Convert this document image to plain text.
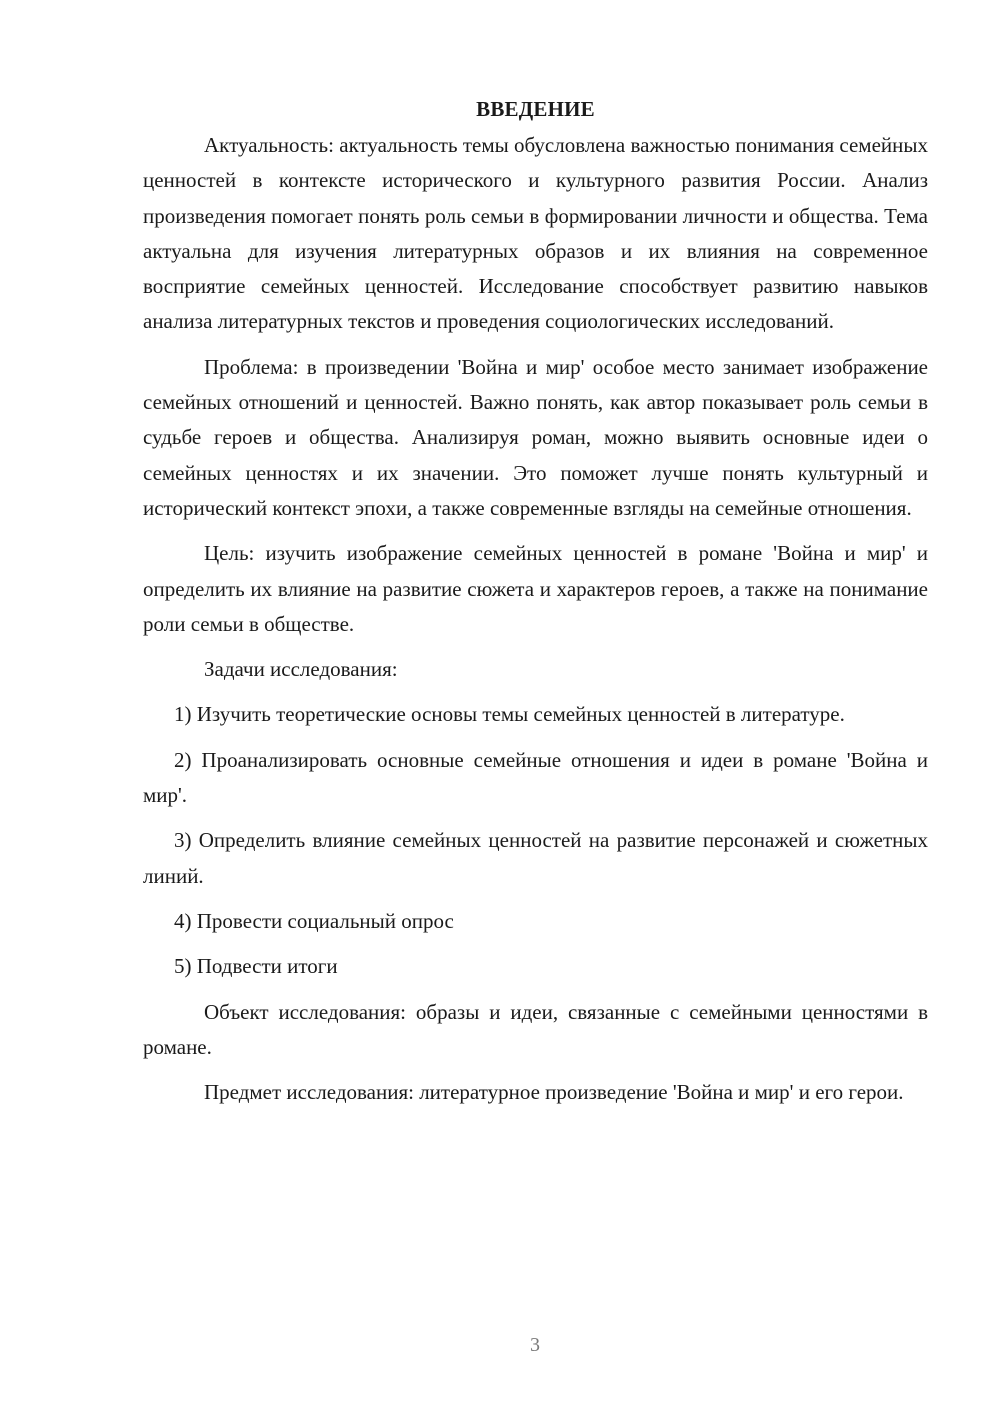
ВВЕДЕНИЕ

Актуальность: актуальность темы обусловлена важностью понимания семейных ценностей в контексте исторического и культурного развития России. Анализ произведения помогает понять роль семьи в формировании личности и общества. Тема актуальна для изучения литературных образов и их влияния на современное восприятие семейных ценностей. Исследование способствует развитию навыков анализа литературных текстов и проведения социологических исследований.

Проблема: в произведении 'Война и мир' особое место занимает изображение семейных отношений и ценностей. Важно понять, как автор показывает роль семьи в судьбе героев и общества. Анализируя роман, можно выявить основные идеи о семейных ценностях и их значении. Это поможет лучше понять культурный и исторический контекст эпохи, а также современные взгляды на семейные отношения.

Цель: изучить изображение семейных ценностей в романе 'Война и мир' и определить их влияние на развитие сюжета и характеров героев, а также на понимание роли семьи в обществе.

Задачи исследования:

1) Изучить теоретические основы темы семейных ценностей в литературе.

2) Проанализировать основные семейные отношения и идеи в романе 'Война и мир'.

3) Определить влияние семейных ценностей на развитие персонажей и сюжетных линий.

4) Провести социальный опрос

5) Подвести итоги

Объект исследования: образы и идеи, связанные с семейными ценностями в романе.

Предмет исследования: литературное произведение 'Война и мир' и его герои.

3
